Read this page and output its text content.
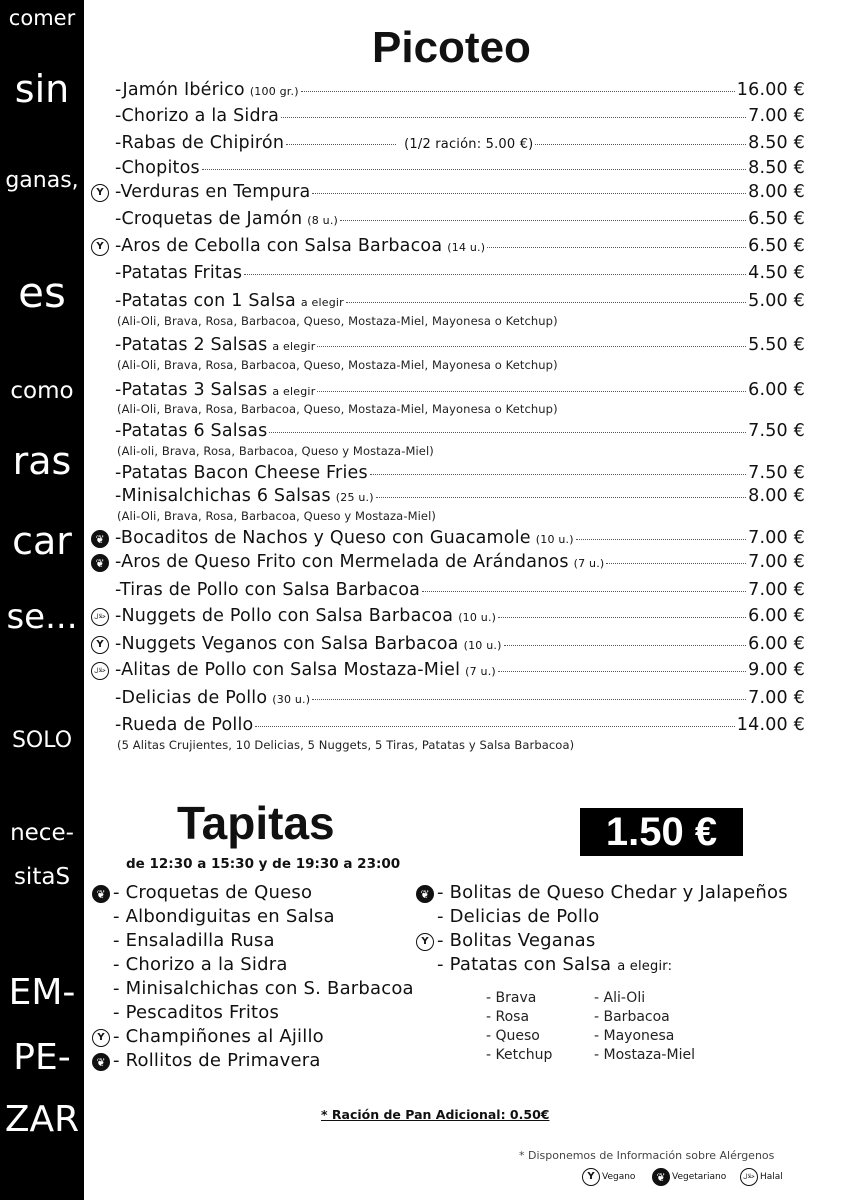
comer
sin
ganas,
es
como
ras
car
se...
SOLO
nece-
sitaS
EM-
PE-
ZAR
Picoteo
-Jamón Ibérico (100 gr.)	16.00 €
-Chorizo a la Sidra	7.00 €
-Rabas de Chipirón	(1/2 ración: 5.00 €)	8.50 €
-Chopitos	8.50 €
-Verduras en Tempura	8.00 €
Y
-Croquetas de Jamón (8 u.)	6.50 €
-Aros de Cebolla con Salsa Barbacoa (14 u.)	6.50 €
Y
-Patatas Fritas	4.50 €
-Patatas con 1 Salsa a elegir	5.00 €
(Ali-Oli, Brava, Rosa, Barbacoa, Queso, Mostaza-Miel, Mayonesa o Ketchup)
-Patatas 2 Salsas a elegir	5.50 €
(Ali-Oli, Brava, Rosa, Barbacoa, Queso, Mostaza-Miel, Mayonesa o Ketchup)
-Patatas 3 Salsas a elegir	6.00 €
(Ali-Oli, Brava, Rosa, Barbacoa, Queso, Mostaza-Miel, Mayonesa o Ketchup)
-Patatas 6 Salsas	7.50 €
(Ali-oli, Brava, Rosa, Barbacoa, Queso y Mostaza-Miel)
-Patatas Bacon Cheese Fries	7.50 €
-Minisalchichas 6 Salsas (25 u.)	8.00 €
(Ali-Oli, Brava, Rosa, Barbacoa, Queso y Mostaza-Miel)
-Bocaditos de Nachos y Queso con Guacamole (10 u.)	7.00 €
❦
-Aros de Queso Frito con Mermelada de Arándanos (7 u.)	7.00 €
❦
-Tiras de Pollo con Salsa Barbacoa	7.00 €
-Nuggets de Pollo con Salsa Barbacoa (10 u.)	6.00 €
حلال
-Nuggets Veganos con Salsa Barbacoa (10 u.)	6.00 €
Y
-Alitas de Pollo con Salsa Mostaza-Miel (7 u.)	9.00 €
حلال
-Delicias de Pollo (30 u.)	7.00 €
-Rueda de Pollo	14.00 €
(5 Alitas Crujientes, 10 Delicias, 5 Nuggets, 5 Tiras, Patatas y Salsa Barbacoa)
Tapitas	1.50 €
de 12:30 a 15:30 y de 19:30 a 23:00
- Croquetas de Queso
❦
- Albondiguitas en Salsa
- Ensaladilla Rusa
- Chorizo a la Sidra
- Minisalchichas con S. Barbacoa
- Pescaditos Fritos
- Champiñones al Ajillo
Y
- Rollitos de Primavera
❦
- Bolitas de Queso Chedar y Jalapeños
❦
- Delicias de Pollo
- Bolitas Veganas
Y
- Patatas con Salsa a elegir:
- Brava
- Rosa
- Queso
- Ketchup
- Ali-Oli
- Barbacoa
- Mayonesa
- Mostaza-Miel
* Ración de Pan Adicional: 0.50€
* Disponemos de Información sobre Alérgenos
Y Vegano	❦ Vegetariano	حلال Halal
